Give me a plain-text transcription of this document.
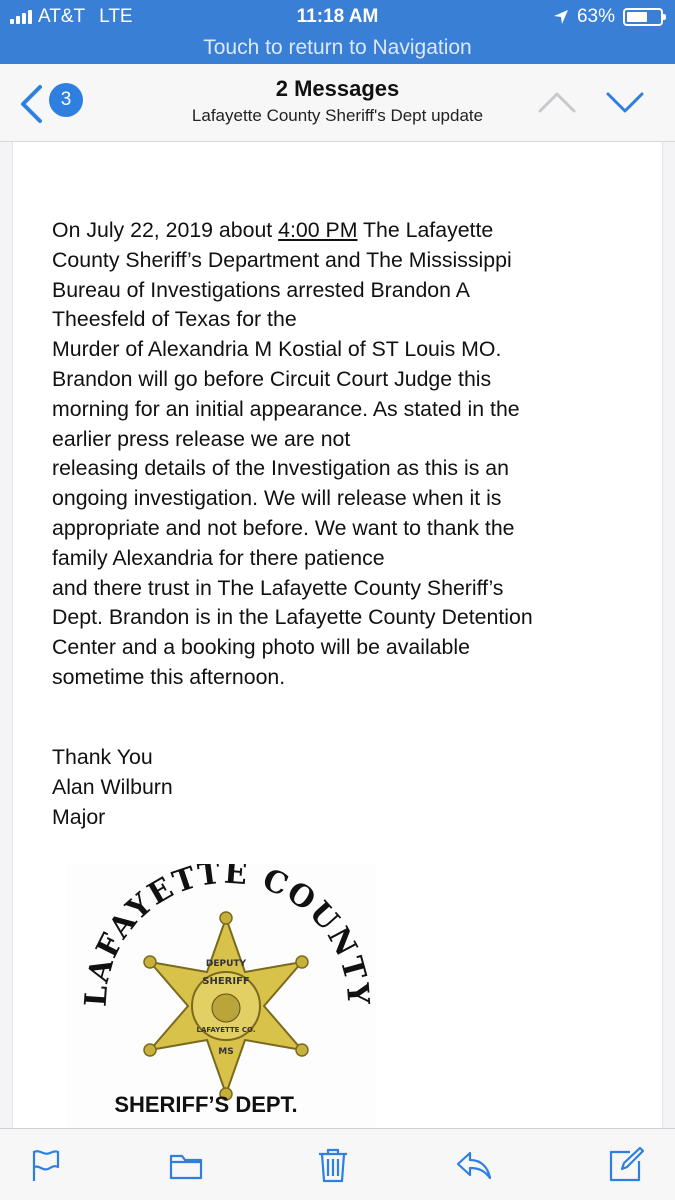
AT&T LTE	11:18 AM	63%
Touch to return to Navigation
2 Messages
Lafayette County Sheriff's Dept update
3

On July 22, 2019 about 4:00 PM The Lafayette

County Sheriff’s Department and The Mississippi

Bureau of Investigations arrested Brandon A

Theesfeld of Texas for the

Murder of Alexandria M Kostial of ST Louis MO.

Brandon will go before Circuit Court Judge this

morning for an initial appearance. As stated in the

earlier press release we are not

releasing details of the Investigation as this is an

ongoing investigation. We will release when it is

appropriate and not before. We want to thank the

family Alexandria for there patience

and there trust in The Lafayette County Sheriff’s

Dept. Brandon is in the Lafayette County Detention

Center and a booking photo will be available

sometime this afternoon.

Thank You

Alan Wilburn

Major

LAFAYETTE COUNTY
DEPUTY
SHERIFF
LAFAYETTE CO.
MS
SHERIFF’S DEPT.
